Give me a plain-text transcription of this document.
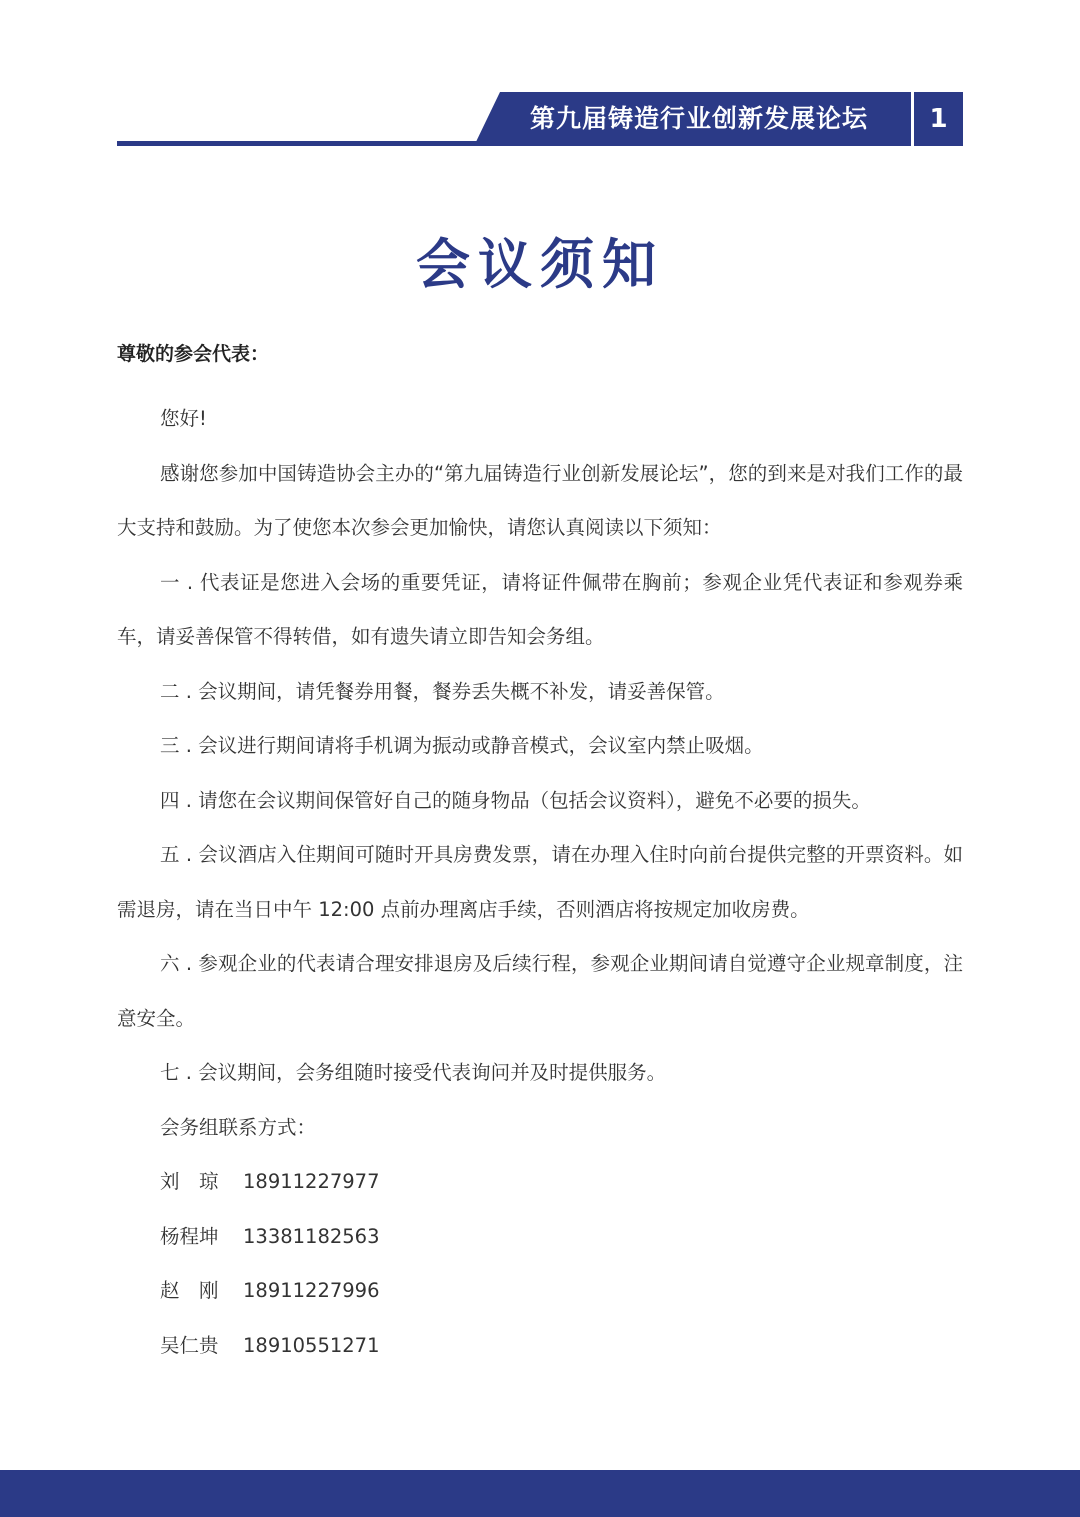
第九届铸造行业创新发展论坛	1
会议须知
尊敬的参会代表：

您好!

感谢您参加中国铸造协会主办的“第九届铸造行业创新发展论坛”，您的到来是对我们工作的最大支持和鼓励。为了使您本次参会更加愉快，请您认真阅读以下须知：

一 . 代表证是您进入会场的重要凭证，请将证件佩带在胸前；参观企业凭代表证和参观券乘车，请妥善保管不得转借，如有遗失请立即告知会务组。

二 . 会议期间，请凭餐券用餐，餐券丢失概不补发，请妥善保管。

三 . 会议进行期间请将手机调为振动或静音模式，会议室内禁止吸烟。

四 . 请您在会议期间保管好自己的随身物品（包括会议资料），避免不必要的损失。

五 . 会议酒店入住期间可随时开具房费发票，请在办理入住时向前台提供完整的开票资料。如需退房，请在当日中午 12:00 点前办理离店手续，否则酒店将按规定加收房费。

六 . 参观企业的代表请合理安排退房及后续行程，参观企业期间请自觉遵守企业规章制度，注意安全。

七 . 会议期间，会务组随时接受代表询问并及时提供服务。

会务组联系方式：

刘　琼	18911227977
杨程坤	13381182563
赵　刚	18911227996
吴仁贵	18910551271
